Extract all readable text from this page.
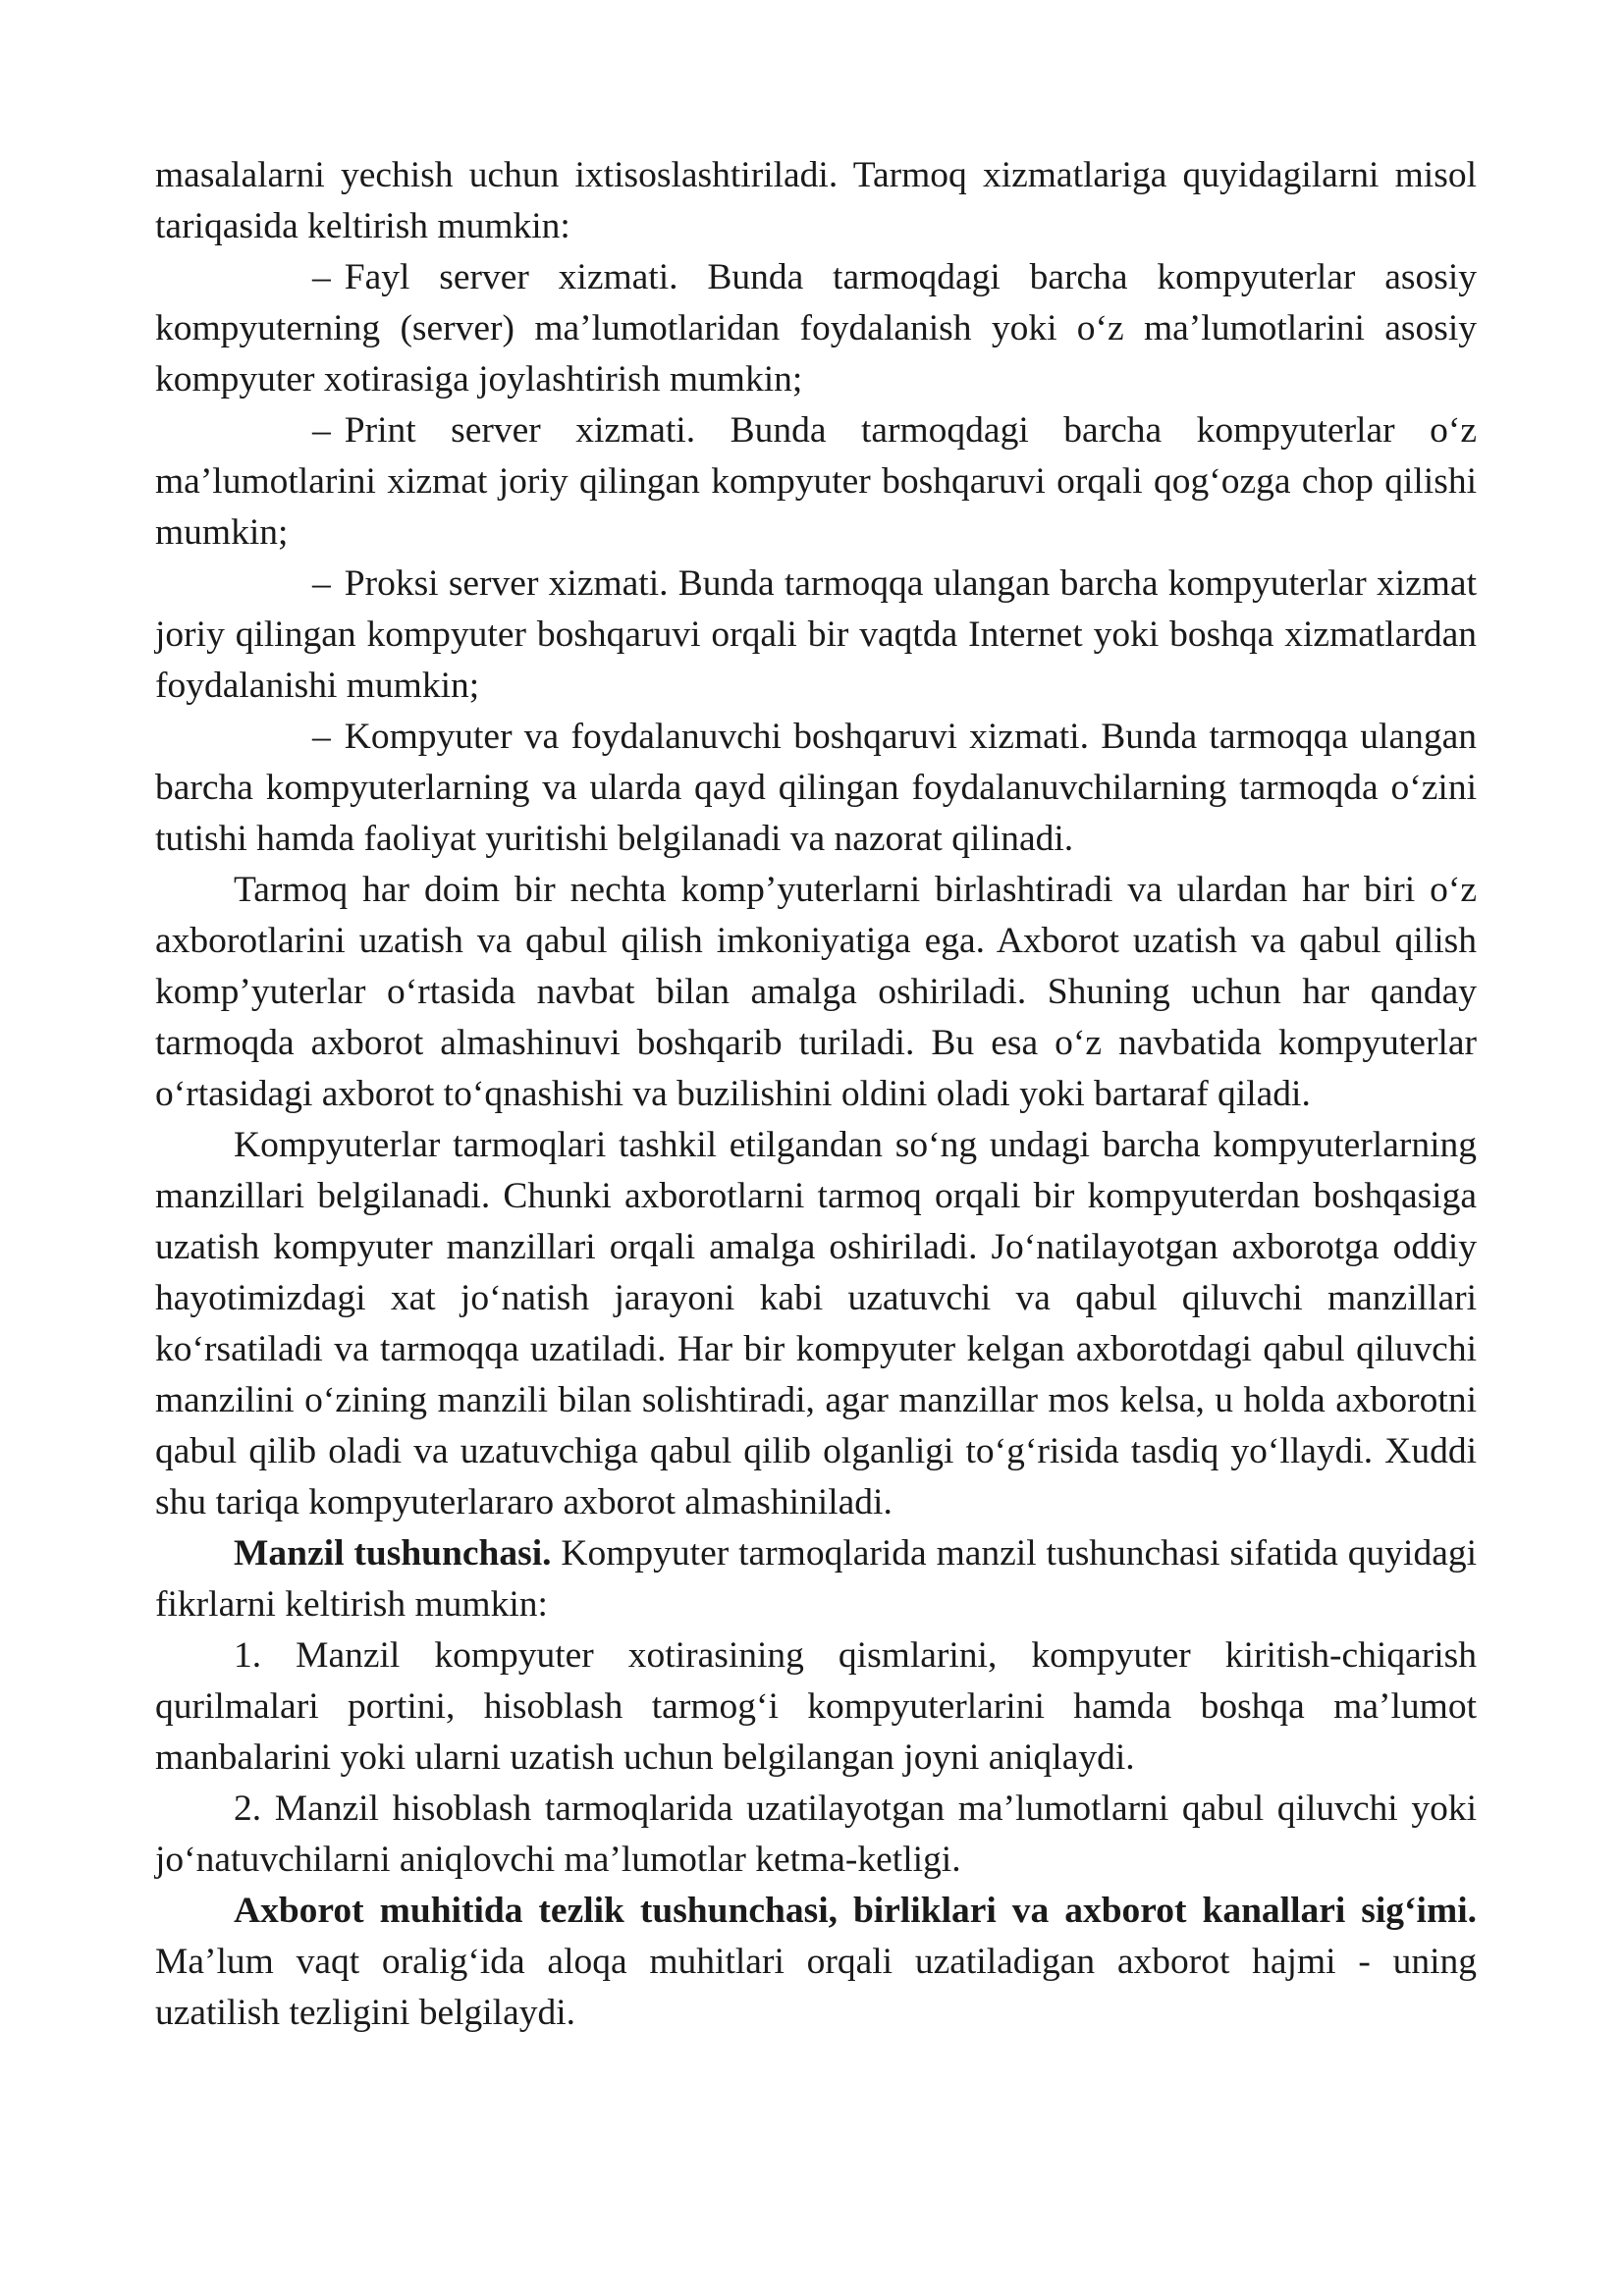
masalalarni yechish uchun ixtisoslashtiriladi. Tarmoq xizmatlariga quyidagilarni misol tariqasida keltirish mumkin:

– Fayl server xizmati. Bunda tarmoqdagi barcha kompyuterlar asosiy kompyuterning (server) ma’lumotlaridan foydalanish yoki o‘z ma’lumotlarini asosiy kompyuter xotirasiga joylashtirish mumkin;

– Print server xizmati. Bunda tarmoqdagi barcha kompyuterlar o‘z ma’lumotlarini xizmat joriy qilingan kompyuter boshqaruvi orqali qog‘ozga chop qilishi mumkin;

– Proksi server xizmati. Bunda tarmoqqa ulangan barcha kompyuterlar xizmat joriy qilingan kompyuter boshqaruvi orqali bir vaqtda Internet yoki boshqa xizmatlardan foydalanishi mumkin;

– Kompyuter va foydalanuvchi boshqaruvi xizmati. Bunda tarmoqqa ulangan barcha kompyuterlarning va ularda qayd qilingan foydalanuvchilarning tarmoqda o‘zini tutishi hamda faoliyat yuritishi belgilanadi va nazorat qilinadi.

Tarmoq har doim bir nechta komp’yuterlarni birlashtiradi va ulardan har biri o‘z axborotlarini uzatish va qabul qilish imkoniyatiga ega. Axborot uzatish va qabul qilish komp’yuterlar o‘rtasida navbat bilan amalga oshiriladi. Shuning uchun har qanday tarmoqda axborot almashinuvi boshqarib turiladi. Bu esa o‘z navbatida kompyuterlar o‘rtasidagi axborot to‘qnashishi va buzilishini oldini oladi yoki bartaraf qiladi.

Kompyuterlar tarmoqlari tashkil etilgandan so‘ng undagi barcha kompyuterlarning manzillari belgilanadi. Chunki axborotlarni tarmoq orqali bir kompyuterdan boshqasiga uzatish kompyuter manzillari orqali amalga oshiriladi. Jo‘natilayotgan axborotga oddiy hayotimizdagi xat jo‘natish jarayoni kabi uzatuvchi va qabul qiluvchi manzillari ko‘rsatiladi va tarmoqqa uzatiladi. Har bir kompyuter kelgan axborotdagi qabul qiluvchi manzilini o‘zining manzili bilan solishtiradi, agar manzillar mos kelsa, u holda axborotni qabul qilib oladi va uzatuvchiga qabul qilib olganligi to‘g‘risida tasdiq yo‘llaydi. Xuddi shu tariqa kompyuterlararo axborot almashiniladi.

Manzil tushunchasi. Kompyuter tarmoqlarida manzil tushunchasi sifatida quyidagi fikrlarni keltirish mumkin:

1. Manzil kompyuter xotirasining qismlarini, kompyuter kiritish-chiqarish qurilmalari portini, hisoblash tarmog‘i kompyuterlarini hamda boshqa ma’lumot manbalarini yoki ularni uzatish uchun belgilangan joyni aniqlaydi.

2. Manzil hisoblash tarmoqlarida uzatilayotgan ma’lumotlarni qabul qiluvchi yoki jo‘natuvchilarni aniqlovchi ma’lumotlar ketma-ketligi.

Axborot muhitida tezlik tushunchasi, birliklari va axborot kanallari sig‘imi. Ma’lum vaqt oralig‘ida aloqa muhitlari orqali uzatiladigan axborot hajmi - uning uzatilish tezligini belgilaydi.
